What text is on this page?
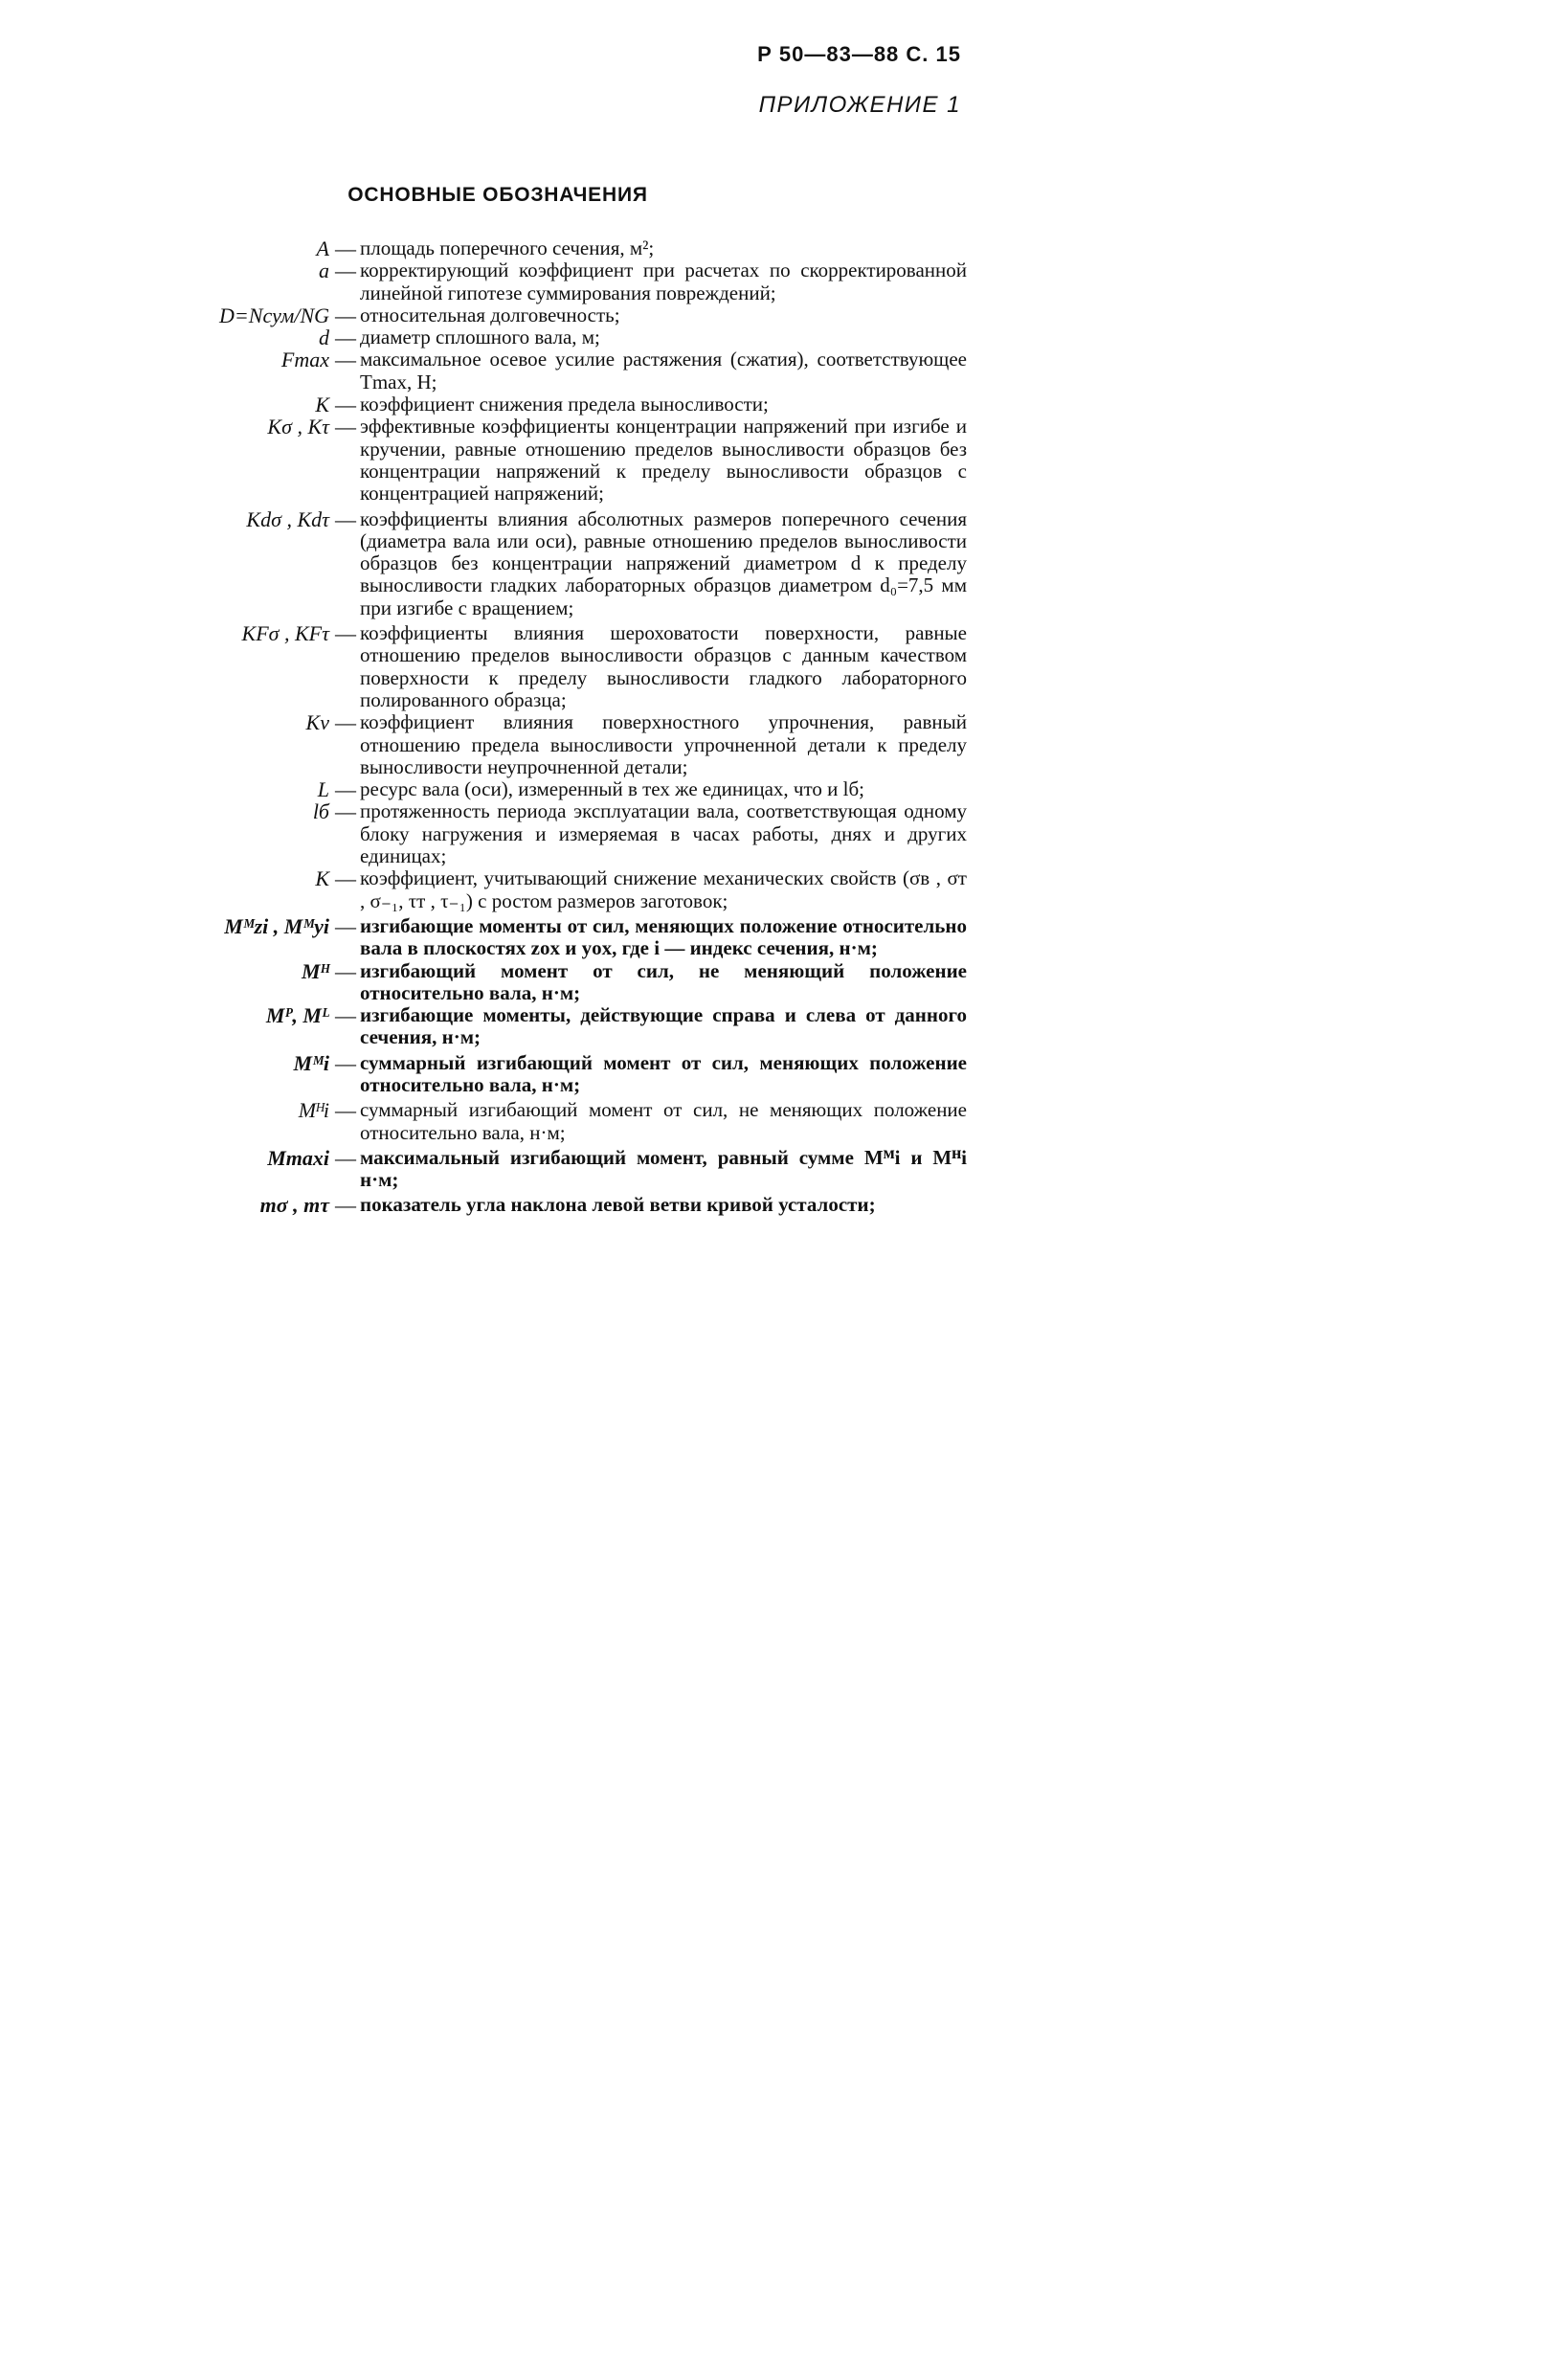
Р 50—83—88 С. 15
ПРИЛОЖЕНИЕ 1
ОСНОВНЫЕ ОБОЗНАЧЕНИЯ
A — площадь поперечного сечения, м²;
a — корректирующий коэффициент при расчетах по скорректированной линейной гипотезе суммирования повреждений;
D=Nсум/NG — относительная долговечность;
d — диаметр сплошного вала, м;
Fmax — максимальное осевое усилие растяжения (сжатия), соответствующее Tmax, Н;
K — коэффициент снижения предела выносливости;
Kσ , Kτ — эффективные коэффициенты концентрации напряжений при изгибе и кручении, равные отношению пределов выносливости образцов без концентрации напряжений к пределу выносливости образцов с концентрацией напряжений;
Kdσ , Kdτ — коэффициенты влияния абсолютных размеров поперечного сечения (диаметра вала или оси), равные отношению пределов выносливости образцов без концентрации напряжений диаметром d к пределу выносливости гладких лабораторных образцов диаметром d₀=7,5 мм при изгибе с вращением;
KFσ , KFτ — коэффициенты влияния шероховатости поверхности, равные отношению пределов выносливости образцов с данным качеством поверхности к пределу выносливости гладкого лабораторного полированного образца;
Kv — коэффициент влияния поверхностного упрочнения, равный отношению предела выносливости упрочненной детали к пределу выносливости неупрочненной детали;
L — ресурс вала (оси), измеренный в тех же единицах, что и lб;
lб — протяженность периода эксплуатации вала, соответствующая одному блоку нагружения и измеряемая в часах работы, днях и других единицах;
K — коэффициент, учитывающий снижение механических свойств (σв , σт , σ₋₁, τт , τ₋₁) с ростом размеров заготовок;
Mᴹzi , Mᴹyi — изгибающие моменты от сил, меняющих положение относительно вала в плоскостях zox и yox, где i — индекс сечения, н·м;
Mᴴ — изгибающий момент от сил, не меняющий положение относительно вала, н·м;
Mᴾ, Mᴸ — изгибающие моменты, действующие справа и слева от данного сечения, н·м;
Mᴹi — суммарный изгибающий момент от сил, меняющих положение относительно вала, н·м;
Mᴴi — суммарный изгибающий момент от сил, не меняющих положение относительно вала, н·м;
Mmaxi — максимальный изгибающий момент, равный сумме Mᴹi и Mᴴi н·м;
mσ , mτ — показатель угла наклона левой ветви кривой усталости;
